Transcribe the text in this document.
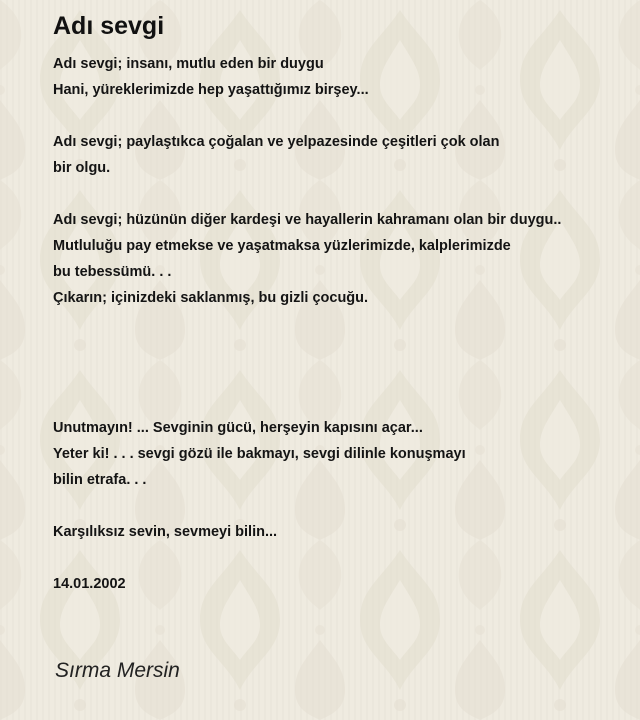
Adı sevgi
Adı sevgi; insanı, mutlu eden bir duygu
Hani, yüreklerimizde hep yaşattığımız birşey...
Adı sevgi; paylaştıkca çoğalan ve yelpazesinde çeşitleri çok olan
bir olgu.
Adı sevgi; hüzünün diğer kardeşi ve hayallerin kahramanı olan bir duygu..
Mutluluğu pay etmekse ve yaşatmaksa yüzlerimizde, kalplerimizde
bu tebessümü. . .
Çıkarın; içinizdeki saklanmış, bu gizli çocuğu.
Unutmayın! ... Sevginin gücü, herşeyin kapısını açar...
Yeter ki! . . . sevgi gözü ile bakmayı, sevgi dilinle konuşmayı
bilin etrafa. . .
Karşılıksız sevin, sevmeyi bilin...
14.01.2002
Sırma Mersin
